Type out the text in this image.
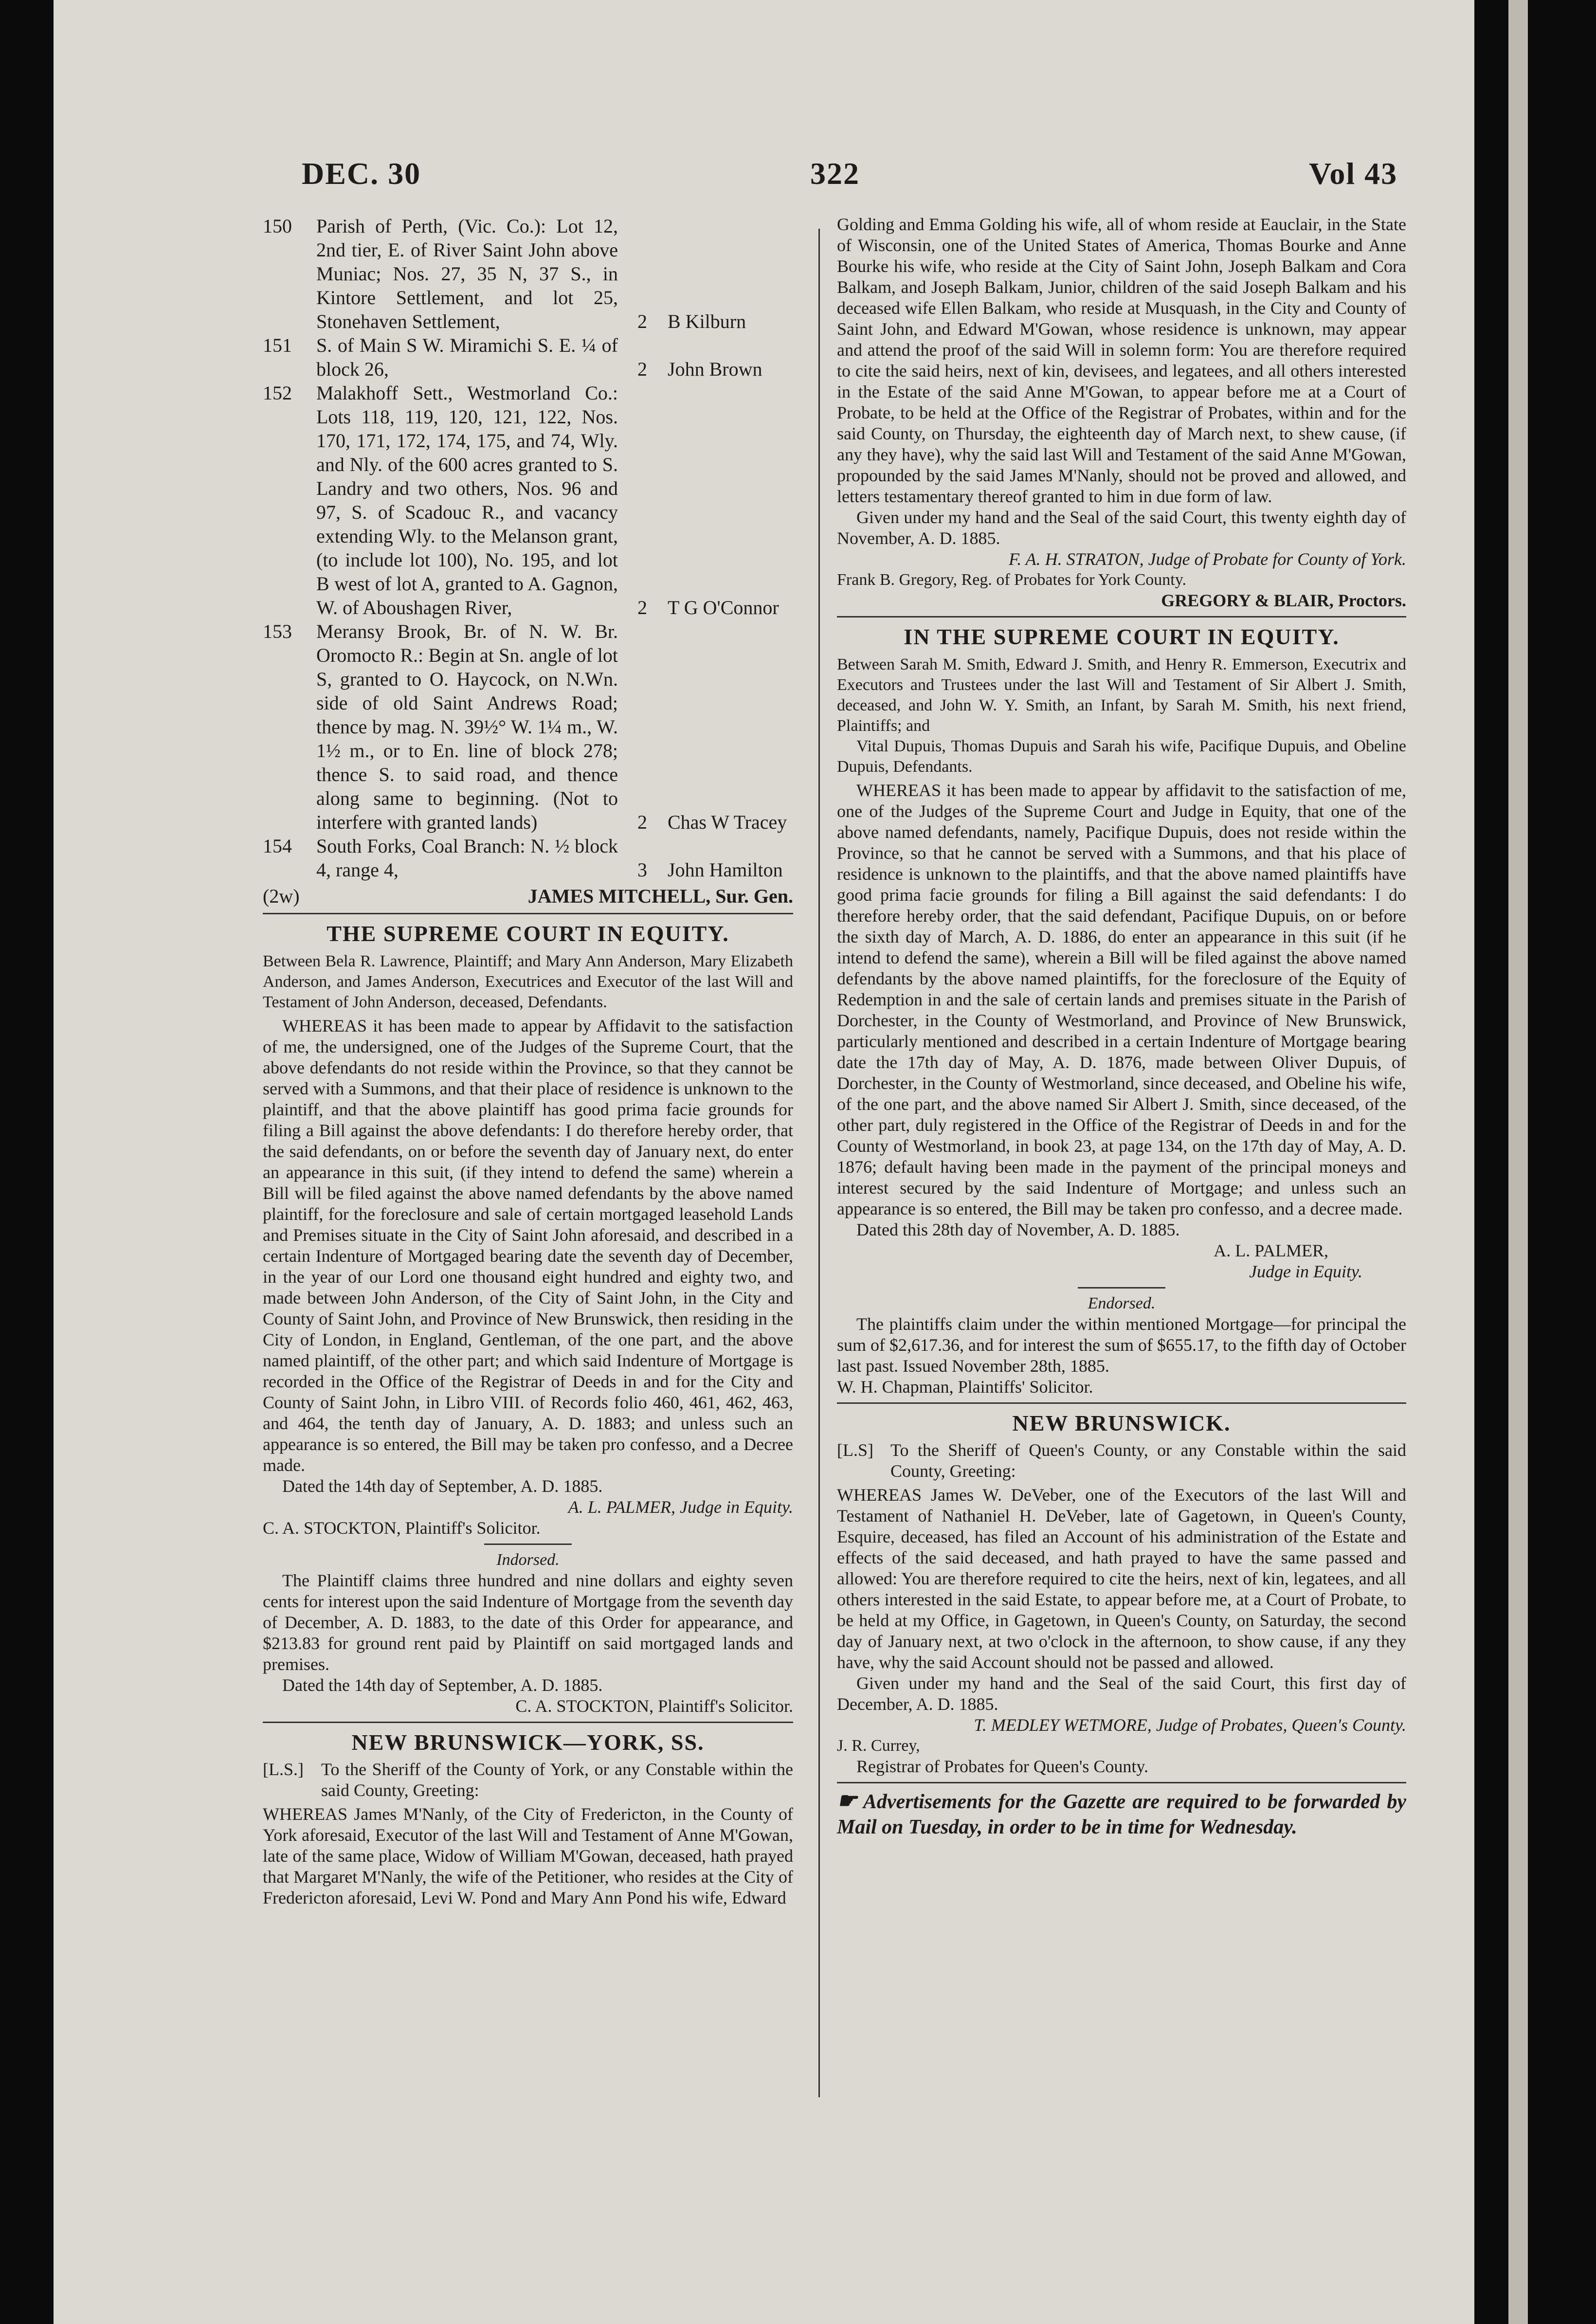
DEC. 30	322	Vol 43
150	Parish of Perth, (Vic. Co.): Lot 12, 2nd tier, E. of River Saint John above Muniac; Nos. 27, 35 N, 37 S., in Kintore Settlement, and lot 25, Stonehaven Settlement,	2	B Kilburn
151	S. of Main S W. Miramichi S. E. ¼ of block 26,	2	John Brown
152	Malakhoff Sett., Westmorland Co.: Lots 118, 119, 120, 121, 122, Nos. 170, 171, 172, 174, 175, and 74, Wly. and Nly. of the 600 acres granted to S. Landry and two others, Nos. 96 and 97, S. of Scadouc R., and vacancy extending Wly. to the Melanson grant, (to include lot 100), No. 195, and lot B west of lot A, granted to A. Gagnon, W. of Aboushagen River,	2	T G O'Connor
153	Meransy Brook, Br. of N. W. Br. Oromocto R.: Begin at Sn. angle of lot S, granted to O. Haycock, on N.Wn. side of old Saint Andrews Road; thence by mag. N. 39½° W. 1¼ m., W. 1½ m., or to En. line of block 278; thence S. to said road, and thence along same to beginning. (Not to interfere with granted lands)	2	Chas W Tracey
154	South Forks, Coal Branch: N. ½ block 4, range 4,	3	John Hamilton
(2w)	JAMES MITCHELL, Sur. Gen.
THE SUPREME COURT IN EQUITY.

Between Bela R. Lawrence, Plaintiff; and Mary Ann Anderson, Mary Elizabeth Anderson, and James Anderson, Executrices and Executor of the last Will and Testament of John Anderson, deceased, Defendants.

WHEREAS it has been made to appear by Affidavit to the satisfaction of me, the undersigned, one of the Judges of the Supreme Court, that the above defendants do not reside within the Province, so that they cannot be served with a Summons, and that their place of residence is unknown to the plaintiff, and that the above plaintiff has good prima facie grounds for filing a Bill against the above defendants: I do therefore hereby order, that the said defendants, on or before the seventh day of January next, do enter an appearance in this suit, (if they intend to defend the same) wherein a Bill will be filed against the above named defendants by the above named plaintiff, for the foreclosure and sale of certain mortgaged leasehold Lands and Premises situate in the City of Saint John aforesaid, and described in a certain Indenture of Mortgaged bearing date the seventh day of December, in the year of our Lord one thousand eight hundred and eighty two, and made between John Anderson, of the City of Saint John, in the City and County of Saint John, and Province of New Brunswick, then residing in the City of London, in England, Gentleman, of the one part, and the above named plaintiff, of the other part; and which said Indenture of Mortgage is recorded in the Office of the Registrar of Deeds in and for the City and County of Saint John, in Libro VIII. of Records folio 460, 461, 462, 463, and 464, the tenth day of January, A. D. 1883; and unless such an appearance is so entered, the Bill may be taken pro confesso, and a Decree made.

Dated the 14th day of September, A. D. 1885.

A. L. PALMER, Judge in Equity.

C. A. STOCKTON, Plaintiff's Solicitor.

Indorsed.

The Plaintiff claims three hundred and nine dollars and eighty seven cents for interest upon the said Indenture of Mortgage from the seventh day of December, A. D. 1883, to the date of this Order for appearance, and $213.83 for ground rent paid by Plaintiff on said mortgaged lands and premises.

Dated the 14th day of September, A. D. 1885.

C. A. STOCKTON, Plaintiff's Solicitor.

NEW BRUNSWICK—YORK, SS.
[L.S.]	To the Sheriff of the County of York, or any Constable within the said County, Greeting:

WHEREAS James M'Nanly, of the City of Fredericton, in the County of York aforesaid, Executor of the last Will and Testament of Anne M'Gowan, late of the same place, Widow of William M'Gowan, deceased, hath prayed that Margaret M'Nanly, the wife of the Petitioner, who resides at the City of Fredericton aforesaid, Levi W. Pond and Mary Ann Pond his wife, Edward

Golding and Emma Golding his wife, all of whom reside at Eauclair, in the State of Wisconsin, one of the United States of America, Thomas Bourke and Anne Bourke his wife, who reside at the City of Saint John, Joseph Balkam and Cora Balkam, and Joseph Balkam, Junior, children of the said Joseph Balkam and his deceased wife Ellen Balkam, who reside at Musquash, in the City and County of Saint John, and Edward M'Gowan, whose residence is unknown, may appear and attend the proof of the said Will in solemn form: You are therefore required to cite the said heirs, next of kin, devisees, and legatees, and all others interested in the Estate of the said Anne M'Gowan, to appear before me at a Court of Probate, to be held at the Office of the Registrar of Probates, within and for the said County, on Thursday, the eighteenth day of March next, to shew cause, (if any they have), why the said last Will and Testament of the said Anne M'Gowan, propounded by the said James M'Nanly, should not be proved and allowed, and letters testamentary thereof granted to him in due form of law.

Given under my hand and the Seal of the said Court, this twenty eighth day of November, A. D. 1885.

F. A. H. STRATON, Judge of Probate for County of York.

Frank B. Gregory, Reg. of Probates for York County.

GREGORY & BLAIR, Proctors.

IN THE SUPREME COURT IN EQUITY.

Between Sarah M. Smith, Edward J. Smith, and Henry R. Emmerson, Executrix and Executors and Trustees under the last Will and Testament of Sir Albert J. Smith, deceased, and John W. Y. Smith, an Infant, by Sarah M. Smith, his next friend, Plaintiffs; and

Vital Dupuis, Thomas Dupuis and Sarah his wife, Pacifique Dupuis, and Obeline Dupuis, Defendants.

WHEREAS it has been made to appear by affidavit to the satisfaction of me, one of the Judges of the Supreme Court and Judge in Equity, that one of the above named defendants, namely, Pacifique Dupuis, does not reside within the Province, so that he cannot be served with a Summons, and that his place of residence is unknown to the plaintiffs, and that the above named plaintiffs have good prima facie grounds for filing a Bill against the said defendants: I do therefore hereby order, that the said defendant, Pacifique Dupuis, on or before the sixth day of March, A. D. 1886, do enter an appearance in this suit (if he intend to defend the same), wherein a Bill will be filed against the above named defendants by the above named plaintiffs, for the foreclosure of the Equity of Redemption in and the sale of certain lands and premises situate in the Parish of Dorchester, in the County of Westmorland, and Province of New Brunswick, particularly mentioned and described in a certain Indenture of Mortgage bearing date the 17th day of May, A. D. 1876, made between Oliver Dupuis, of Dorchester, in the County of Westmorland, since deceased, and Obeline his wife, of the one part, and the above named Sir Albert J. Smith, since deceased, of the other part, duly registered in the Office of the Registrar of Deeds in and for the County of Westmorland, in book 23, at page 134, on the 17th day of May, A. D. 1876; default having been made in the payment of the principal moneys and interest secured by the said Indenture of Mortgage; and unless such an appearance is so entered, the Bill may be taken pro confesso, and a decree made.

Dated this 28th day of November, A. D. 1885.

A. L. PALMER,

Judge in Equity.

Endorsed.

The plaintiffs claim under the within mentioned Mortgage—for principal the sum of $2,617.36, and for interest the sum of $655.17, to the fifth day of October last past. Issued November 28th, 1885.

W. H. Chapman, Plaintiffs' Solicitor.

NEW BRUNSWICK.
[L.S] To the Sheriff of Queen's County, or any Constable within the said County, Greeting:

WHEREAS James W. DeVeber, one of the Executors of the last Will and Testament of Nathaniel H. DeVeber, late of Gagetown, in Queen's County, Esquire, deceased, has filed an Account of his administration of the Estate and effects of the said deceased, and hath prayed to have the same passed and allowed: You are therefore required to cite the heirs, next of kin, legatees, and all others interested in the said Estate, to appear before me, at a Court of Probate, to be held at my Office, in Gagetown, in Queen's County, on Saturday, the second day of January next, at two o'clock in the afternoon, to show cause, if any they have, why the said Account should not be passed and allowed.

Given under my hand and the Seal of the said Court, this first day of December, A. D. 1885.

T. MEDLEY WETMORE, Judge of Probates, Queen's County.

J. R. Currey,

Registrar of Probates for Queen's County.

☛ Advertisements for the Gazette are required to be forwarded by Mail on Tuesday, in order to be in time for Wednesday.
